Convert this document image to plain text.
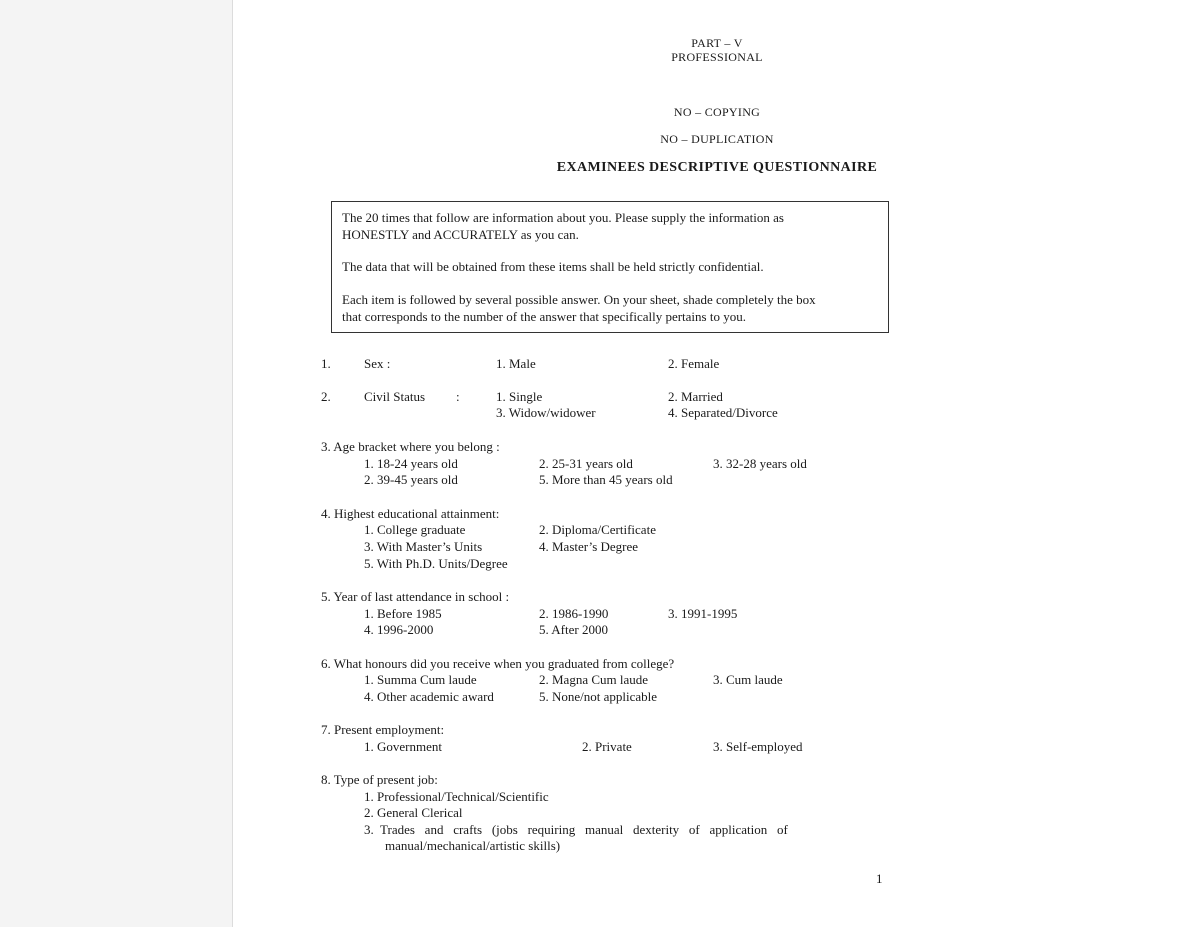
PART – V
PROFESSIONAL
NO – COPYING
NO – DUPLICATION
EXAMINEES DESCRIPTIVE QUESTIONNAIRE

The 20 times that follow are information about you. Please supply the information as

HONESTLY and ACCURATELY as you can.

The data that will be obtained from these items shall be held strictly confidential.

Each item is followed by several possible answer. On your sheet, shade completely the box

that corresponds to the number of the answer that specifically pertains to you.

1.	Sex :	1. Male	2. Female
2.	Civil Status :	1. Single	2. Married
3. Widow/widower	4. Separated/Divorce
3. Age bracket where you belong :
1. 18-24 years old	2. 25-31 years old	3. 32-28 years old
2. 39-45 years old	5. More than 45 years old
4. Highest educational attainment:
1. College graduate	2. Diploma/Certificate
3. With Master’s Units	4. Master’s Degree
5. With Ph.D. Units/Degree
5. Year of last attendance in school :
1. Before 1985	2. 1986-1990	3. 1991-1995
4. 1996-2000	5. After 2000
6. What honours did you receive when you graduated from college?
1. Summa Cum laude	2. Magna Cum laude	3. Cum laude
4. Other academic award	5. None/not applicable
7. Present employment:
1. Government	2. Private	3. Self-employed
8. Type of present job:
1. Professional/Technical/Scientific
2. General Clerical
3.  Trades   and   crafts   (jobs   requiring   manual   dexterity   of   application   of
manual/mechanical/artistic skills)
1
